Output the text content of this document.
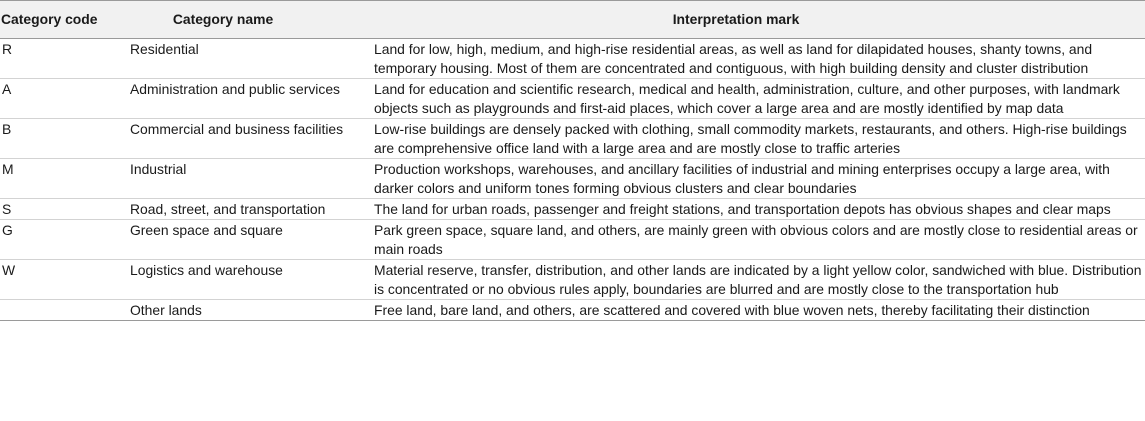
Category code	Category name	Interpretation mark
R	Residential	Land for low, high, medium, and high-rise residential areas, as well as land for dilapidated houses, shanty towns, and temporary housing. Most of them are concentrated and contiguous, with high building density and cluster distribution
A	Administration and public services	Land for education and scientific research, medical and health, administration, culture, and other purposes, with landmark objects such as playgrounds and first-aid places, which cover a large area and are mostly identified by map data
B	Commercial and business facilities	Low-rise buildings are densely packed with clothing, small commodity markets, restaurants, and others. High-rise buildings are comprehensive office land with a large area and are mostly close to traffic arteries
M	Industrial	Production workshops, warehouses, and ancillary facilities of industrial and mining enterprises occupy a large area, with darker colors and uniform tones forming obvious clusters and clear boundaries
S	Road, street, and transportation	The land for urban roads, passenger and freight stations, and transportation depots has obvious shapes and clear maps
G	Green space and square	Park green space, square land, and others, are mainly green with obvious colors and are mostly close to residential areas or main roads
W	Logistics and warehouse	Material reserve, transfer, distribution, and other lands are indicated by a light yellow color, sandwiched with blue. Distribution is concentrated or no obvious rules apply, boundaries are blurred and are mostly close to the transportation hub
	Other lands	Free land, bare land, and others, are scattered and covered with blue woven nets, thereby facilitating their distinction
